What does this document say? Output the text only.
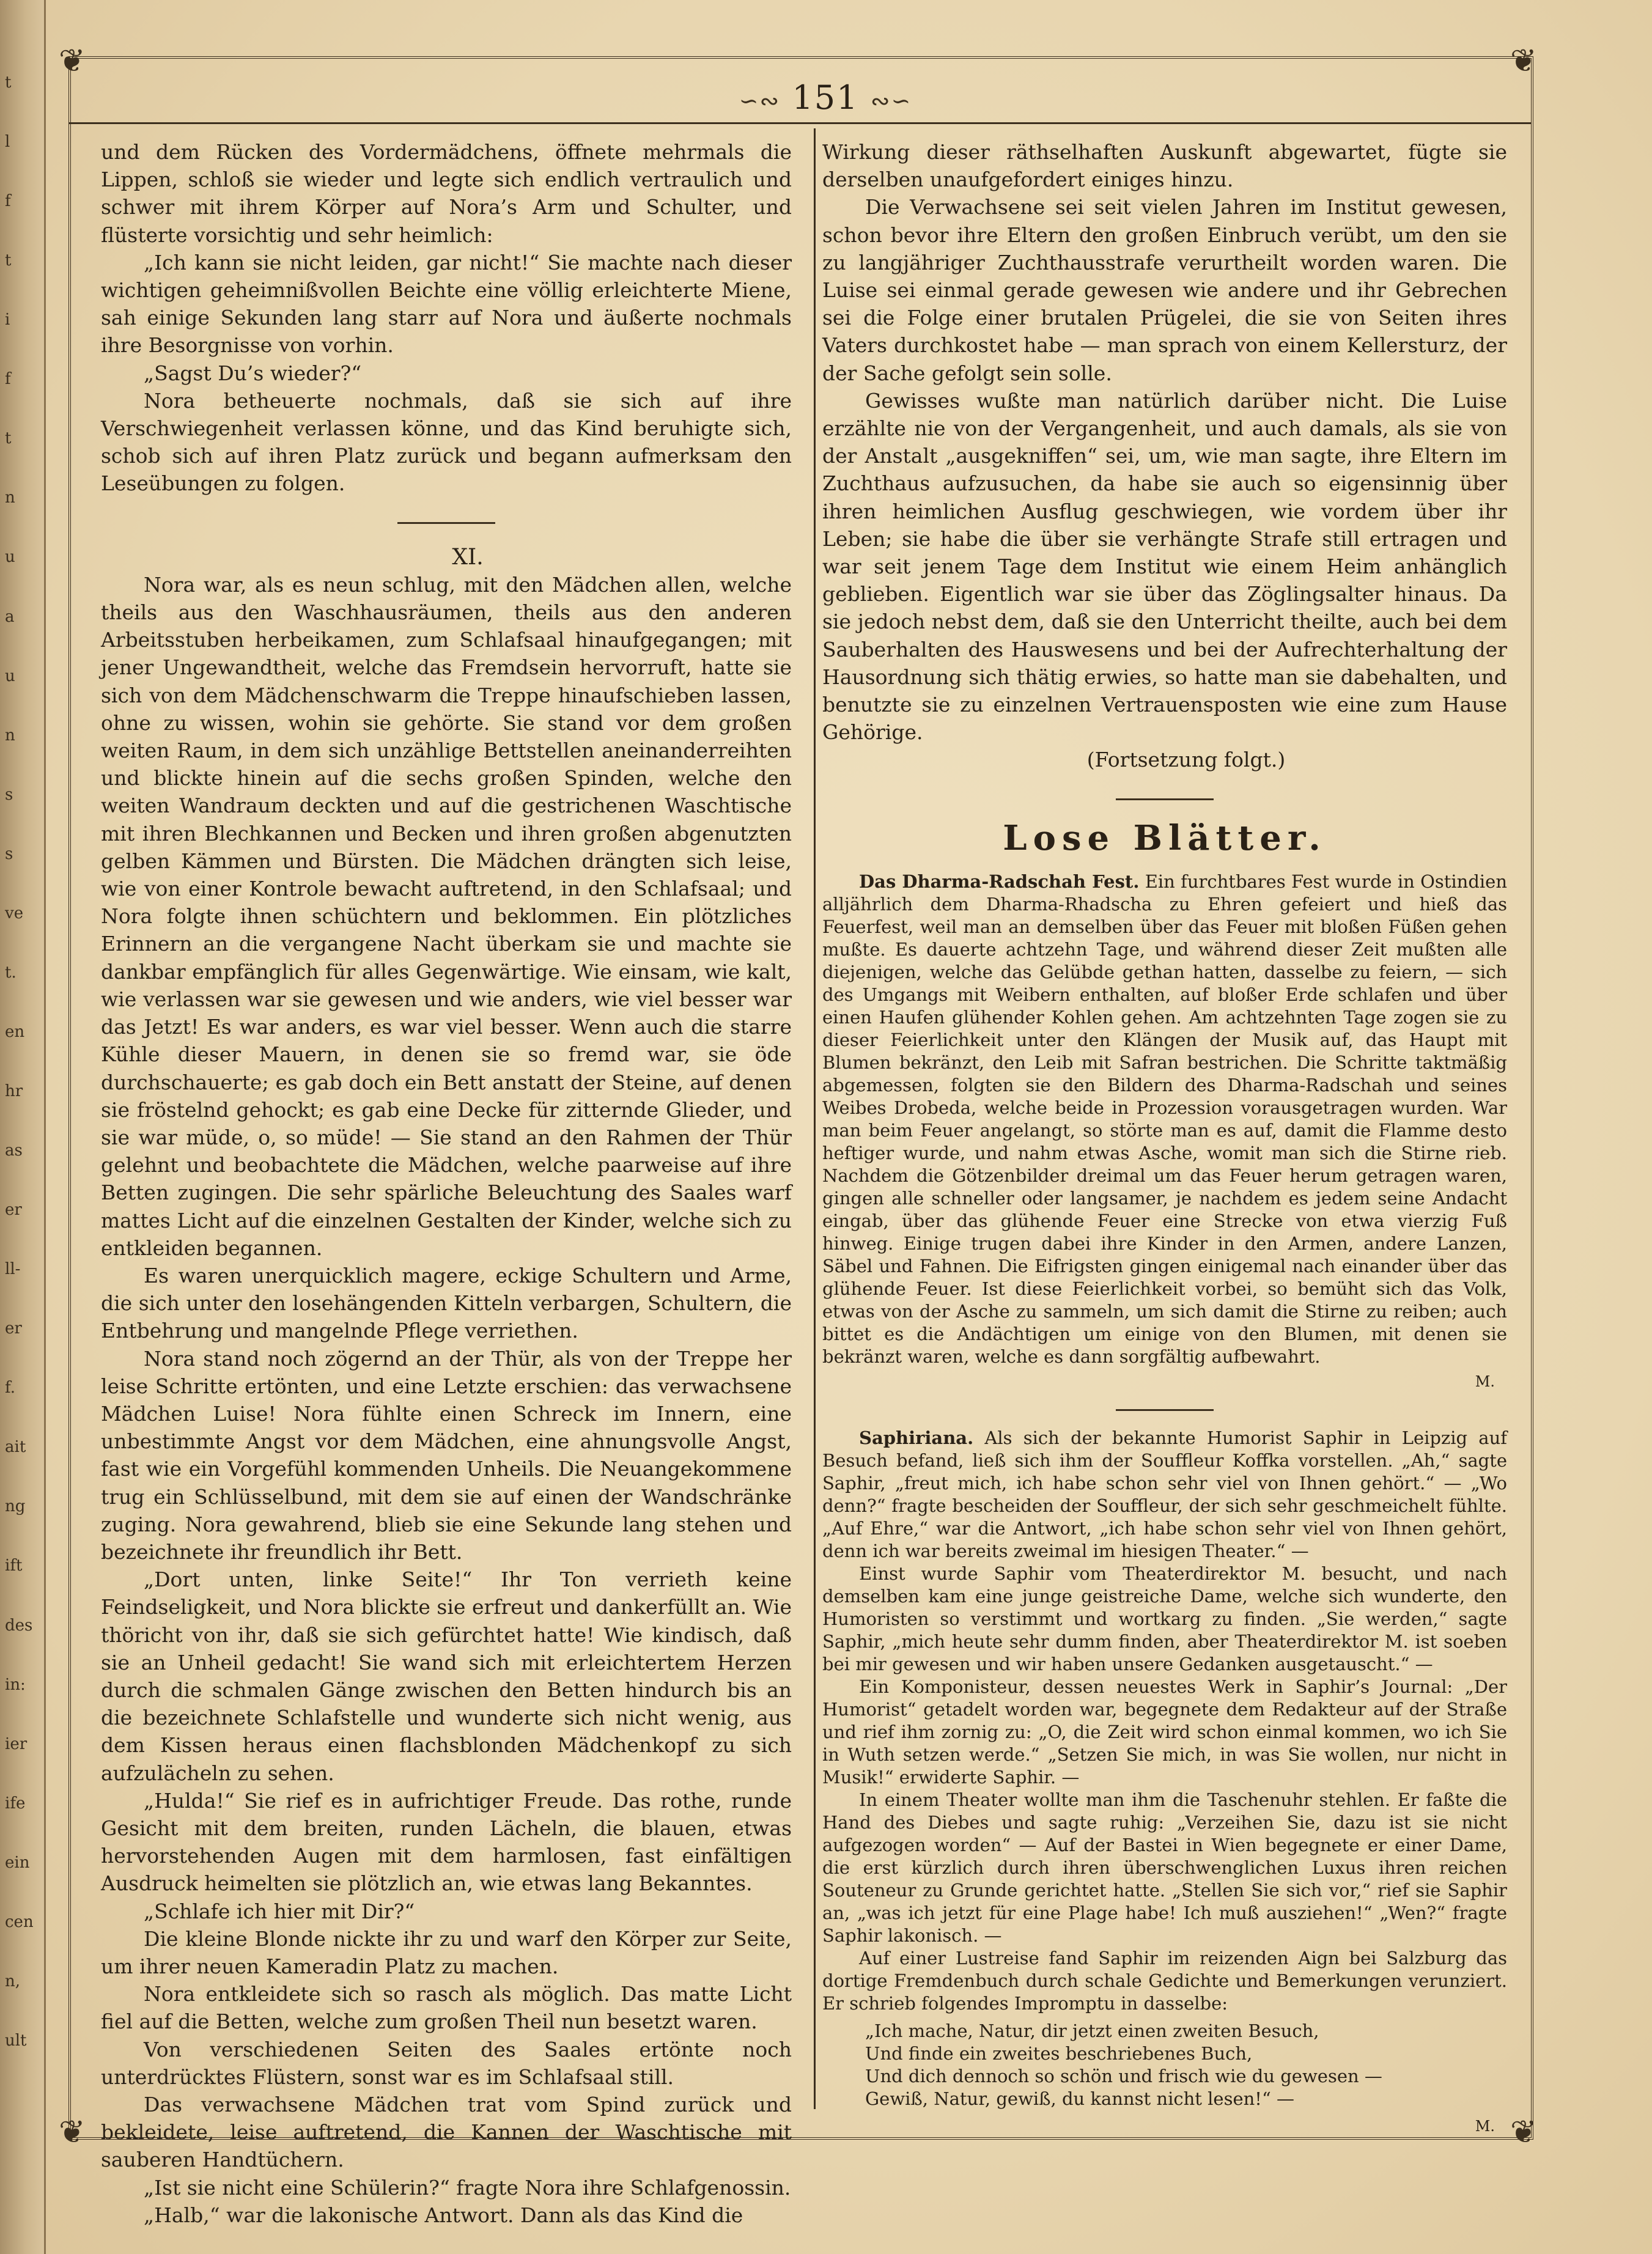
t
l
f
t
i
f
t
n
u
a
u
n
s
s
ve
t.
en
hr
as
er
ll-
er
f.
ait
ng
ift
des
in:
ier
ife
ein
cen
n,
ult
❦	❦
❦	❦
∽∾ 151 ∾∽

und dem Rücken des Vordermädchens, öffnete mehrmals die Lippen, schloß sie wieder und legte sich endlich vertraulich und schwer mit ihrem Körper auf Nora’s Arm und Schulter, und flüsterte vorsichtig und sehr heimlich:

„Ich kann sie nicht leiden, gar nicht!“ Sie machte nach dieser wichtigen geheimnißvollen Beichte eine völlig erleichterte Miene, sah einige Sekunden lang starr auf Nora und äußerte nochmals ihre Besorgnisse von vorhin.

„Sagst Du’s wieder?“

Nora betheuerte nochmals, daß sie sich auf ihre Verschwiegenheit verlassen könne, und das Kind beruhigte sich, schob sich auf ihren Platz zurück und begann aufmerksam den Leseübungen zu folgen.

XI.

Nora war, als es neun schlug, mit den Mädchen allen, welche theils aus den Waschhausräumen, theils aus den anderen Arbeitsstuben herbeikamen, zum Schlafsaal hinaufgegangen; mit jener Ungewandtheit, welche das Fremdsein hervorruft, hatte sie sich von dem Mädchenschwarm die Treppe hinaufschieben lassen, ohne zu wissen, wohin sie gehörte. Sie stand vor dem großen weiten Raum, in dem sich unzählige Bettstellen aneinanderreihten und blickte hinein auf die sechs großen Spinden, welche den weiten Wandraum deckten und auf die gestrichenen Waschtische mit ihren Blechkannen und Becken und ihren großen abgenutzten gelben Kämmen und Bürsten. Die Mädchen drängten sich leise, wie von einer Kontrole bewacht auftretend, in den Schlafsaal; und Nora folgte ihnen schüchtern und beklommen. Ein plötzliches Erinnern an die vergangene Nacht überkam sie und machte sie dankbar empfänglich für alles Gegenwärtige. Wie einsam, wie kalt, wie verlassen war sie gewesen und wie anders, wie viel besser war das Jetzt! Es war anders, es war viel besser. Wenn auch die starre Kühle dieser Mauern, in denen sie so fremd war, sie öde durchschauerte; es gab doch ein Bett anstatt der Steine, auf denen sie fröstelnd gehockt; es gab eine Decke für zitternde Glieder, und sie war müde, o, so müde! — Sie stand an den Rahmen der Thür gelehnt und beobachtete die Mädchen, welche paarweise auf ihre Betten zugingen. Die sehr spärliche Beleuchtung des Saales warf mattes Licht auf die einzelnen Gestalten der Kinder, welche sich zu entkleiden begannen.

Es waren unerquicklich magere, eckige Schultern und Arme, die sich unter den losehängenden Kitteln verbargen, Schultern, die Entbehrung und mangelnde Pflege verriethen.

Nora stand noch zögernd an der Thür, als von der Treppe her leise Schritte ertönten, und eine Letzte erschien: das verwachsene Mädchen Luise! Nora fühlte einen Schreck im Innern, eine unbestimmte Angst vor dem Mädchen, eine ahnungsvolle Angst, fast wie ein Vorgefühl kommenden Unheils. Die Neuangekommene trug ein Schlüsselbund, mit dem sie auf einen der Wandschränke zuging. Nora gewahrend, blieb sie eine Sekunde lang stehen und bezeichnete ihr freundlich ihr Bett.

„Dort unten, linke Seite!“ Ihr Ton verrieth keine Feindseligkeit, und Nora blickte sie erfreut und dankerfüllt an. Wie thöricht von ihr, daß sie sich gefürchtet hatte! Wie kindisch, daß sie an Unheil gedacht! Sie wand sich mit erleichtertem Herzen durch die schmalen Gänge zwischen den Betten hindurch bis an die bezeichnete Schlafstelle und wunderte sich nicht wenig, aus dem Kissen heraus einen flachsblonden Mädchenkopf zu sich aufzulächeln zu sehen.

„Hulda!“ Sie rief es in aufrichtiger Freude. Das rothe, runde Gesicht mit dem breiten, runden Lächeln, die blauen, etwas hervorstehenden Augen mit dem harmlosen, fast einfältigen Ausdruck heimelten sie plötzlich an, wie etwas lang Bekanntes.

„Schlafe ich hier mit Dir?“

Die kleine Blonde nickte ihr zu und warf den Körper zur Seite, um ihrer neuen Kameradin Platz zu machen.

Nora entkleidete sich so rasch als möglich. Das matte Licht fiel auf die Betten, welche zum großen Theil nun besetzt waren.

Von verschiedenen Seiten des Saales ertönte noch unterdrücktes Flüstern, sonst war es im Schlafsaal still.

Das verwachsene Mädchen trat vom Spind zurück und bekleidete, leise auftretend, die Kannen der Waschtische mit sauberen Handtüchern.

„Ist sie nicht eine Schülerin?“ fragte Nora ihre Schlafgenossin.

„Halb,“ war die lakonische Antwort. Dann als das Kind die

Wirkung dieser räthselhaften Auskunft abgewartet, fügte sie derselben unaufgefordert einiges hinzu.

Die Verwachsene sei seit vielen Jahren im Institut gewesen, schon bevor ihre Eltern den großen Einbruch verübt, um den sie zu langjähriger Zuchthausstrafe verurtheilt worden waren. Die Luise sei einmal gerade gewesen wie andere und ihr Gebrechen sei die Folge einer brutalen Prügelei, die sie von Seiten ihres Vaters durchkostet habe — man sprach von einem Kellersturz, der der Sache gefolgt sein solle.

Gewisses wußte man natürlich darüber nicht. Die Luise erzählte nie von der Vergangenheit, und auch damals, als sie von der Anstalt „ausgekniffen“ sei, um, wie man sagte, ihre Eltern im Zuchthaus aufzusuchen, da habe sie auch so eigensinnig über ihren heimlichen Ausflug geschwiegen, wie vordem über ihr Leben; sie habe die über sie verhängte Strafe still ertragen und war seit jenem Tage dem Institut wie einem Heim anhänglich geblieben. Eigentlich war sie über das Zöglingsalter hinaus. Da sie jedoch nebst dem, daß sie den Unterricht theilte, auch bei dem Sauberhalten des Hauswesens und bei der Aufrechterhaltung der Hausordnung sich thätig erwies, so hatte man sie dabehalten, und benutzte sie zu einzelnen Vertrauensposten wie eine zum Hause Gehörige.

(Fortsetzung folgt.)

Lose Blätter.

Das Dharma-Radschah Fest. Ein furchtbares Fest wurde in Ostindien alljährlich dem Dharma-Rhadscha zu Ehren gefeiert und hieß das Feuerfest, weil man an demselben über das Feuer mit bloßen Füßen gehen mußte. Es dauerte achtzehn Tage, und während dieser Zeit mußten alle diejenigen, welche das Gelübde gethan hatten, dasselbe zu feiern, — sich des Umgangs mit Weibern enthalten, auf bloßer Erde schlafen und über einen Haufen glühender Kohlen gehen. Am achtzehnten Tage zogen sie zu dieser Feierlichkeit unter den Klängen der Musik auf, das Haupt mit Blumen bekränzt, den Leib mit Safran bestrichen. Die Schritte taktmäßig abgemessen, folgten sie den Bildern des Dharma-Radschah und seines Weibes Drobeda, welche beide in Prozession vorausgetragen wurden. War man beim Feuer angelangt, so störte man es auf, damit die Flamme desto heftiger wurde, und nahm etwas Asche, womit man sich die Stirne rieb. Nachdem die Götzenbilder dreimal um das Feuer herum getragen waren, gingen alle schneller oder langsamer, je nachdem es jedem seine Andacht eingab, über das glühende Feuer eine Strecke von etwa vierzig Fuß hinweg. Einige trugen dabei ihre Kinder in den Armen, andere Lanzen, Säbel und Fahnen. Die Eifrigsten gingen einigemal nach einander über das glühende Feuer. Ist diese Feierlichkeit vorbei, so bemüht sich das Volk, etwas von der Asche zu sammeln, um sich damit die Stirne zu reiben; auch bittet es die Andächtigen um einige von den Blumen, mit denen sie bekränzt waren, welche es dann sorgfältig aufbewahrt.

M.

Saphiriana. Als sich der bekannte Humorist Saphir in Leipzig auf Besuch befand, ließ sich ihm der Souffleur Koffka vorstellen. „Ah,“ sagte Saphir, „freut mich, ich habe schon sehr viel von Ihnen gehört.“ — „Wo denn?“ fragte bescheiden der Souffleur, der sich sehr geschmeichelt fühlte. „Auf Ehre,“ war die Antwort, „ich habe schon sehr viel von Ihnen gehört, denn ich war bereits zweimal im hiesigen Theater.“ —

Einst wurde Saphir vom Theaterdirektor M. besucht, und nach demselben kam eine junge geistreiche Dame, welche sich wunderte, den Humoristen so verstimmt und wortkarg zu finden. „Sie werden,“ sagte Saphir, „mich heute sehr dumm finden, aber Theaterdirektor M. ist soeben bei mir gewesen und wir haben unsere Gedanken ausgetauscht.“ —

Ein Komponisteur, dessen neuestes Werk in Saphir’s Journal: „Der Humorist“ getadelt worden war, begegnete dem Redakteur auf der Straße und rief ihm zornig zu: „O, die Zeit wird schon einmal kommen, wo ich Sie in Wuth setzen werde.“ „Setzen Sie mich, in was Sie wollen, nur nicht in Musik!“ erwiderte Saphir. —

In einem Theater wollte man ihm die Taschenuhr stehlen. Er faßte die Hand des Diebes und sagte ruhig: „Verzeihen Sie, dazu ist sie nicht aufgezogen worden“ — Auf der Bastei in Wien begegnete er einer Dame, die erst kürzlich durch ihren überschwenglichen Luxus ihren reichen Souteneur zu Grunde gerichtet hatte. „Stellen Sie sich vor,“ rief sie Saphir an, „was ich jetzt für eine Plage habe! Ich muß ausziehen!“ „Wen?“ fragte Saphir lakonisch. —

Auf einer Lustreise fand Saphir im reizenden Aign bei Salzburg das dortige Fremdenbuch durch schale Gedichte und Bemerkungen verunziert. Er schrieb folgendes Impromptu in dasselbe:

„Ich mache, Natur, dir jetzt einen zweiten Besuch,
Und finde ein zweites beschriebenes Buch,
Und dich dennoch so schön und frisch wie du gewesen —
Gewiß, Natur, gewiß, du kannst nicht lesen!“ —
M.
